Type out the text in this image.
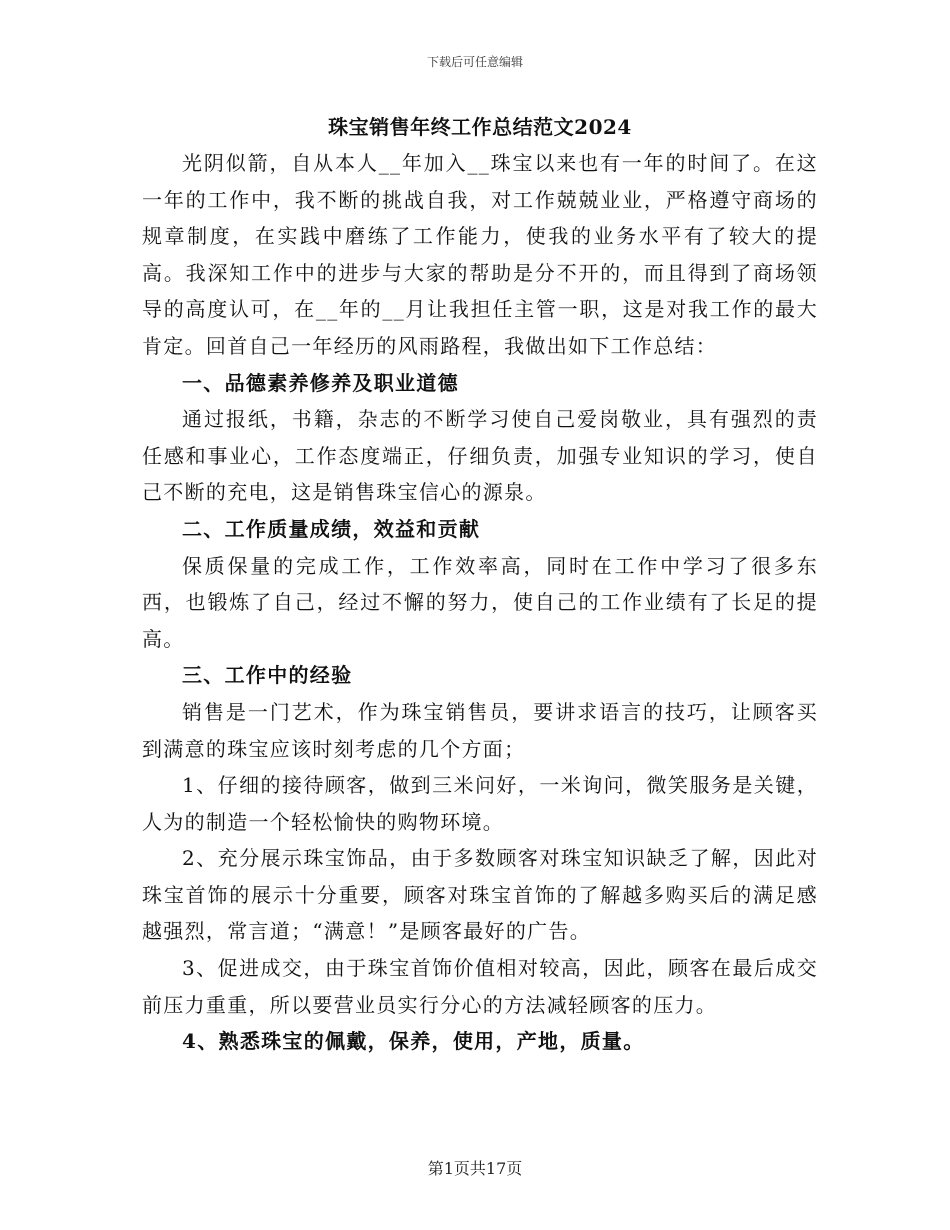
下载后可任意编辑
珠宝销售年终工作总结范文2024

光阴似箭，自从本人__年加入__珠宝以来也有一年的时间了。在这一年的工作中，我不断的挑战自我，对工作兢兢业业，严格遵守商场的规章制度，在实践中磨练了工作能力，使我的业务水平有了较大的提高。我深知工作中的进步与大家的帮助是分不开的，而且得到了商场领导的高度认可，在__年的__月让我担任主管一职，这是对我工作的最大肯定。回首自己一年经历的风雨路程，我做出如下工作总结：

一、品德素养修养及职业道德

通过报纸，书籍，杂志的不断学习使自己爱岗敬业，具有强烈的责任感和事业心，工作态度端正，仔细负责，加强专业知识的学习，使自己不断的充电，这是销售珠宝信心的源泉。

二、工作质量成绩，效益和贡献

保质保量的完成工作，工作效率高，同时在工作中学习了很多东西，也锻炼了自己，经过不懈的努力，使自己的工作业绩有了长足的提高。

三、工作中的经验

销售是一门艺术，作为珠宝销售员，要讲求语言的技巧，让顾客买到满意的珠宝应该时刻考虑的几个方面；

1、仔细的接待顾客，做到三米问好，一米询问，微笑服务是关键，人为的制造一个轻松愉快的购物环境。

2、充分展示珠宝饰品，由于多数顾客对珠宝知识缺乏了解，因此对珠宝首饰的展示十分重要，顾客对珠宝首饰的了解越多购买后的满足感越强烈，常言道；“满意！”是顾客最好的广告。

3、促进成交，由于珠宝首饰价值相对较高，因此，顾客在最后成交前压力重重，所以要营业员实行分心的方法减轻顾客的压力。

4、熟悉珠宝的佩戴，保养，使用，产地，质量。

第1页共17页
